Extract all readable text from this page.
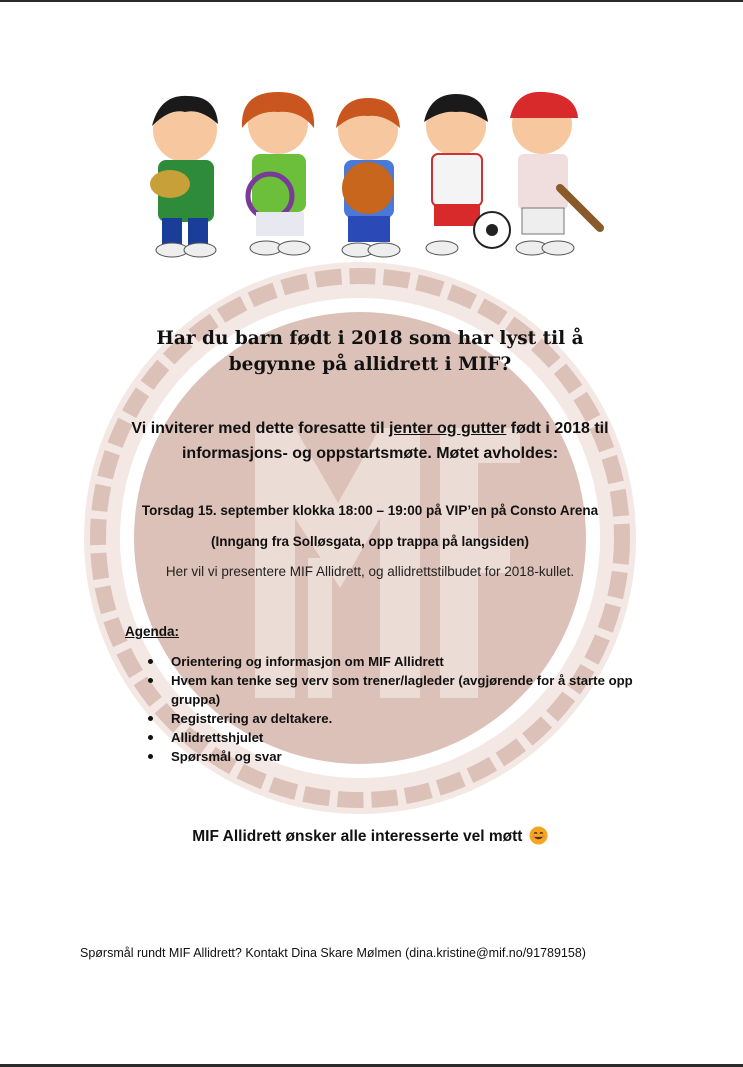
Har du barn født i 2018 som har lyst til å
begynne på allidrett i MIF?

Vi inviterer med dette foresatte til jenter og gutter født i 2018 til
informasjons- og oppstartsmøte. Møtet avholdes:

Torsdag 15. september klokka 18:00 – 19:00 på VIP’en på Consto Arena

(Inngang fra Solløsgata, opp trappa på langsiden)

Her vil vi presentere MIF Allidrett, og allidrettstilbudet for 2018-kullet.

Agenda:

Orientering og informasjon om MIF Allidrett
Hvem kan tenke seg verv som trener/lagleder (avgjørende for å starte opp gruppa)
Registrering av deltakere.
Allidrettshjulet
Spørsmål og svar

MIF Allidrett ønsker alle interesserte vel møtt

Spørsmål rundt MIF Allidrett? Kontakt Dina Skare Mølmen (dina.kristine@mif.no/91789158)
